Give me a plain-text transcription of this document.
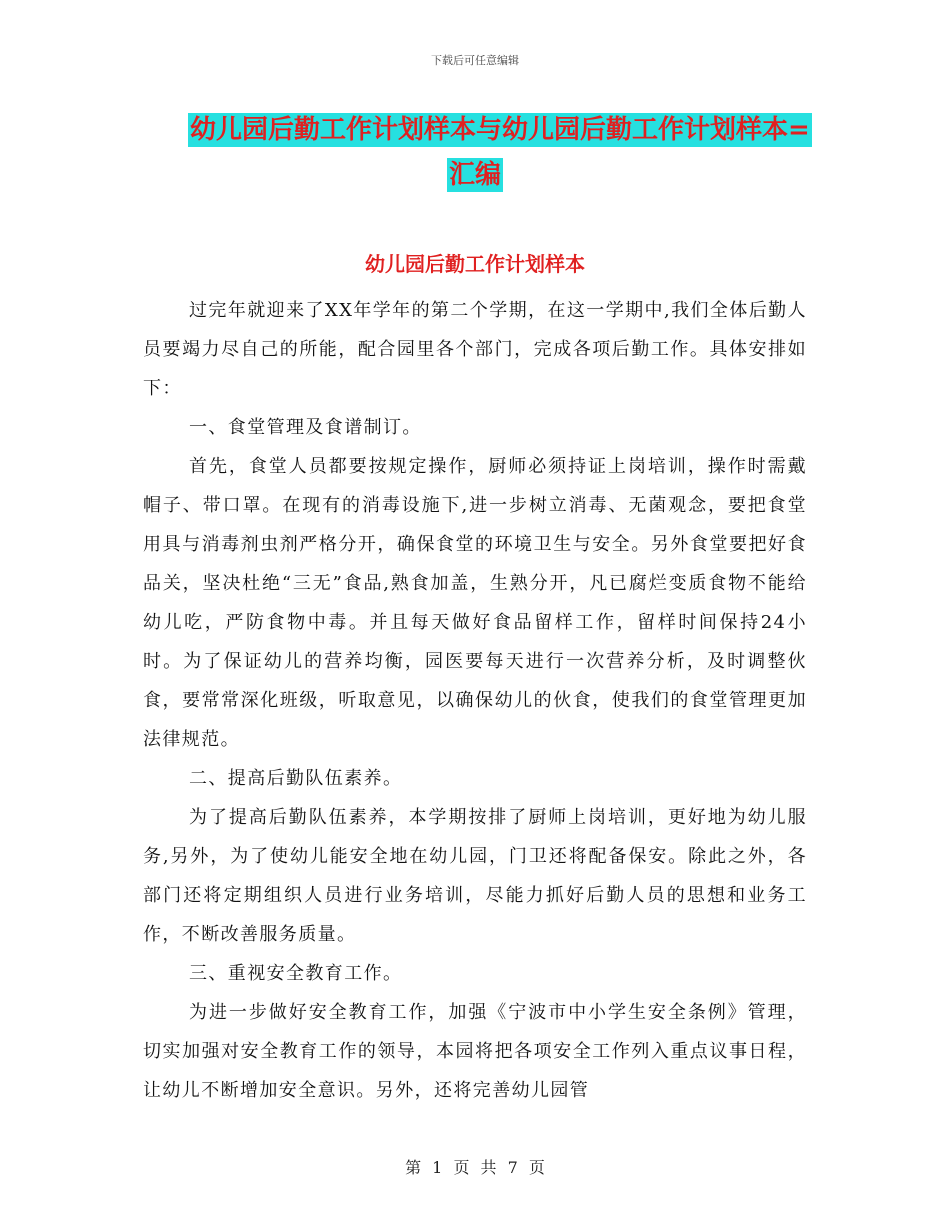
下载后可任意编辑
幼儿园后勤工作计划样本与幼儿园后勤工作计划样本=
汇编
幼儿园后勤工作计划样本

过完年就迎来了XX年学年的第二个学期，在这一学期中,我们全体后勤人员要竭力尽自己的所能，配合园里各个部门，完成各项后勤工作。具体安排如下：

一、食堂管理及食谱制订。

首先，食堂人员都要按规定操作，厨师必须持证上岗培训，操作时需戴帽子、带口罩。在现有的消毒设施下,进一步树立消毒、无菌观念，要把食堂用具与消毒剂虫剂严格分开，确保食堂的环境卫生与安全。另外食堂要把好食品关，坚决杜绝“三无”食品,熟食加盖，生熟分开，凡已腐烂变质食物不能给幼儿吃，严防食物中毒。并且每天做好食品留样工作，留样时间保持24小时。为了保证幼儿的营养均衡，园医要每天进行一次营养分析，及时调整伙食，要常常深化班级，听取意见，以确保幼儿的伙食，使我们的食堂管理更加法律规范。

二、提高后勤队伍素养。

为了提高后勤队伍素养，本学期按排了厨师上岗培训，更好地为幼儿服务,另外，为了使幼儿能安全地在幼儿园，门卫还将配备保安。除此之外，各部门还将定期组织人员进行业务培训，尽能力抓好后勤人员的思想和业务工作，不断改善服务质量。

三、重视安全教育工作。

为进一步做好安全教育工作，加强《宁波市中小学生安全条例》管理，切实加强对安全教育工作的领导，本园将把各项安全工作列入重点议事日程，让幼儿不断增加安全意识。另外，还将完善幼儿园管

第 1 页 共 7 页
